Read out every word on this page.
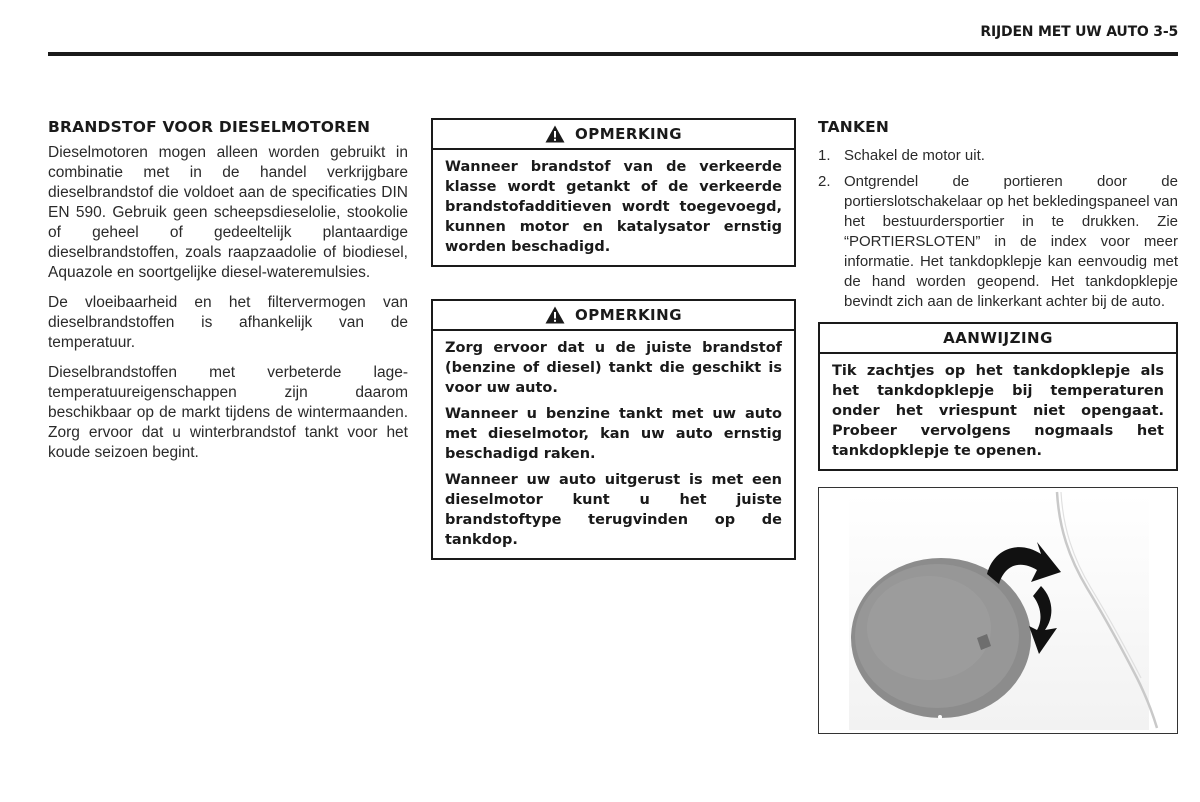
RIJDEN MET UW AUTO 3-5
BRANDSTOF VOOR DIESELMOTOREN

Dieselmotoren mogen alleen worden gebruikt in combinatie met in de handel verkrijgbare dieselbrandstof die voldoet aan de specificaties DIN EN 590. Gebruik geen scheepsdieselolie, stookolie of geheel of gedeeltelijk plantaardige dieselbrandstoffen, zoals raapzaadolie of biodiesel, Aquazole en soortgelijke diesel-wateremulsies.

De vloeibaarheid en het filtervermogen van dieselbrandstoffen is afhankelijk van de temperatuur.

Dieselbrandstoffen met verbeterde lage-temperatuureigenschappen zijn daarom beschikbaar op de markt tijdens de wintermaanden. Zorg ervoor dat u winterbrandstof tankt voor het koude seizoen begint.

OPMERKING

Wanneer brandstof van de verkeerde klasse wordt getankt of de verkeerde brandstofadditieven wordt toegevoegd, kunnen motor en katalysator ernstig worden beschadigd.

OPMERKING

Zorg ervoor dat u de juiste brandstof (benzine of diesel) tankt die geschikt is voor uw auto.

Wanneer u benzine tankt met uw auto met dieselmotor, kan uw auto ernstig beschadigd raken.

Wanneer uw auto uitgerust is met een dieselmotor kunt u het juiste brandstoftype terugvinden op de tankdop.

TANKEN
1. Schakel de motor uit.
2. Ontgrendel de portieren door de portierslotschakelaar op het bekledingspaneel van het bestuurdersportier in te drukken. Zie “PORTIERSLOTEN” in de index voor meer informatie. Het tankdopklepje kan eenvoudig met de hand worden geopend. Het tankdopklepje bevindt zich aan de linkerkant achter bij de auto.
AANWIJZING

Tik zachtjes op het tankdopklepje als het tankdopklepje bij temperaturen onder het vriespunt niet opengaat. Probeer vervolgens nogmaals het tankdopklepje te openen.
